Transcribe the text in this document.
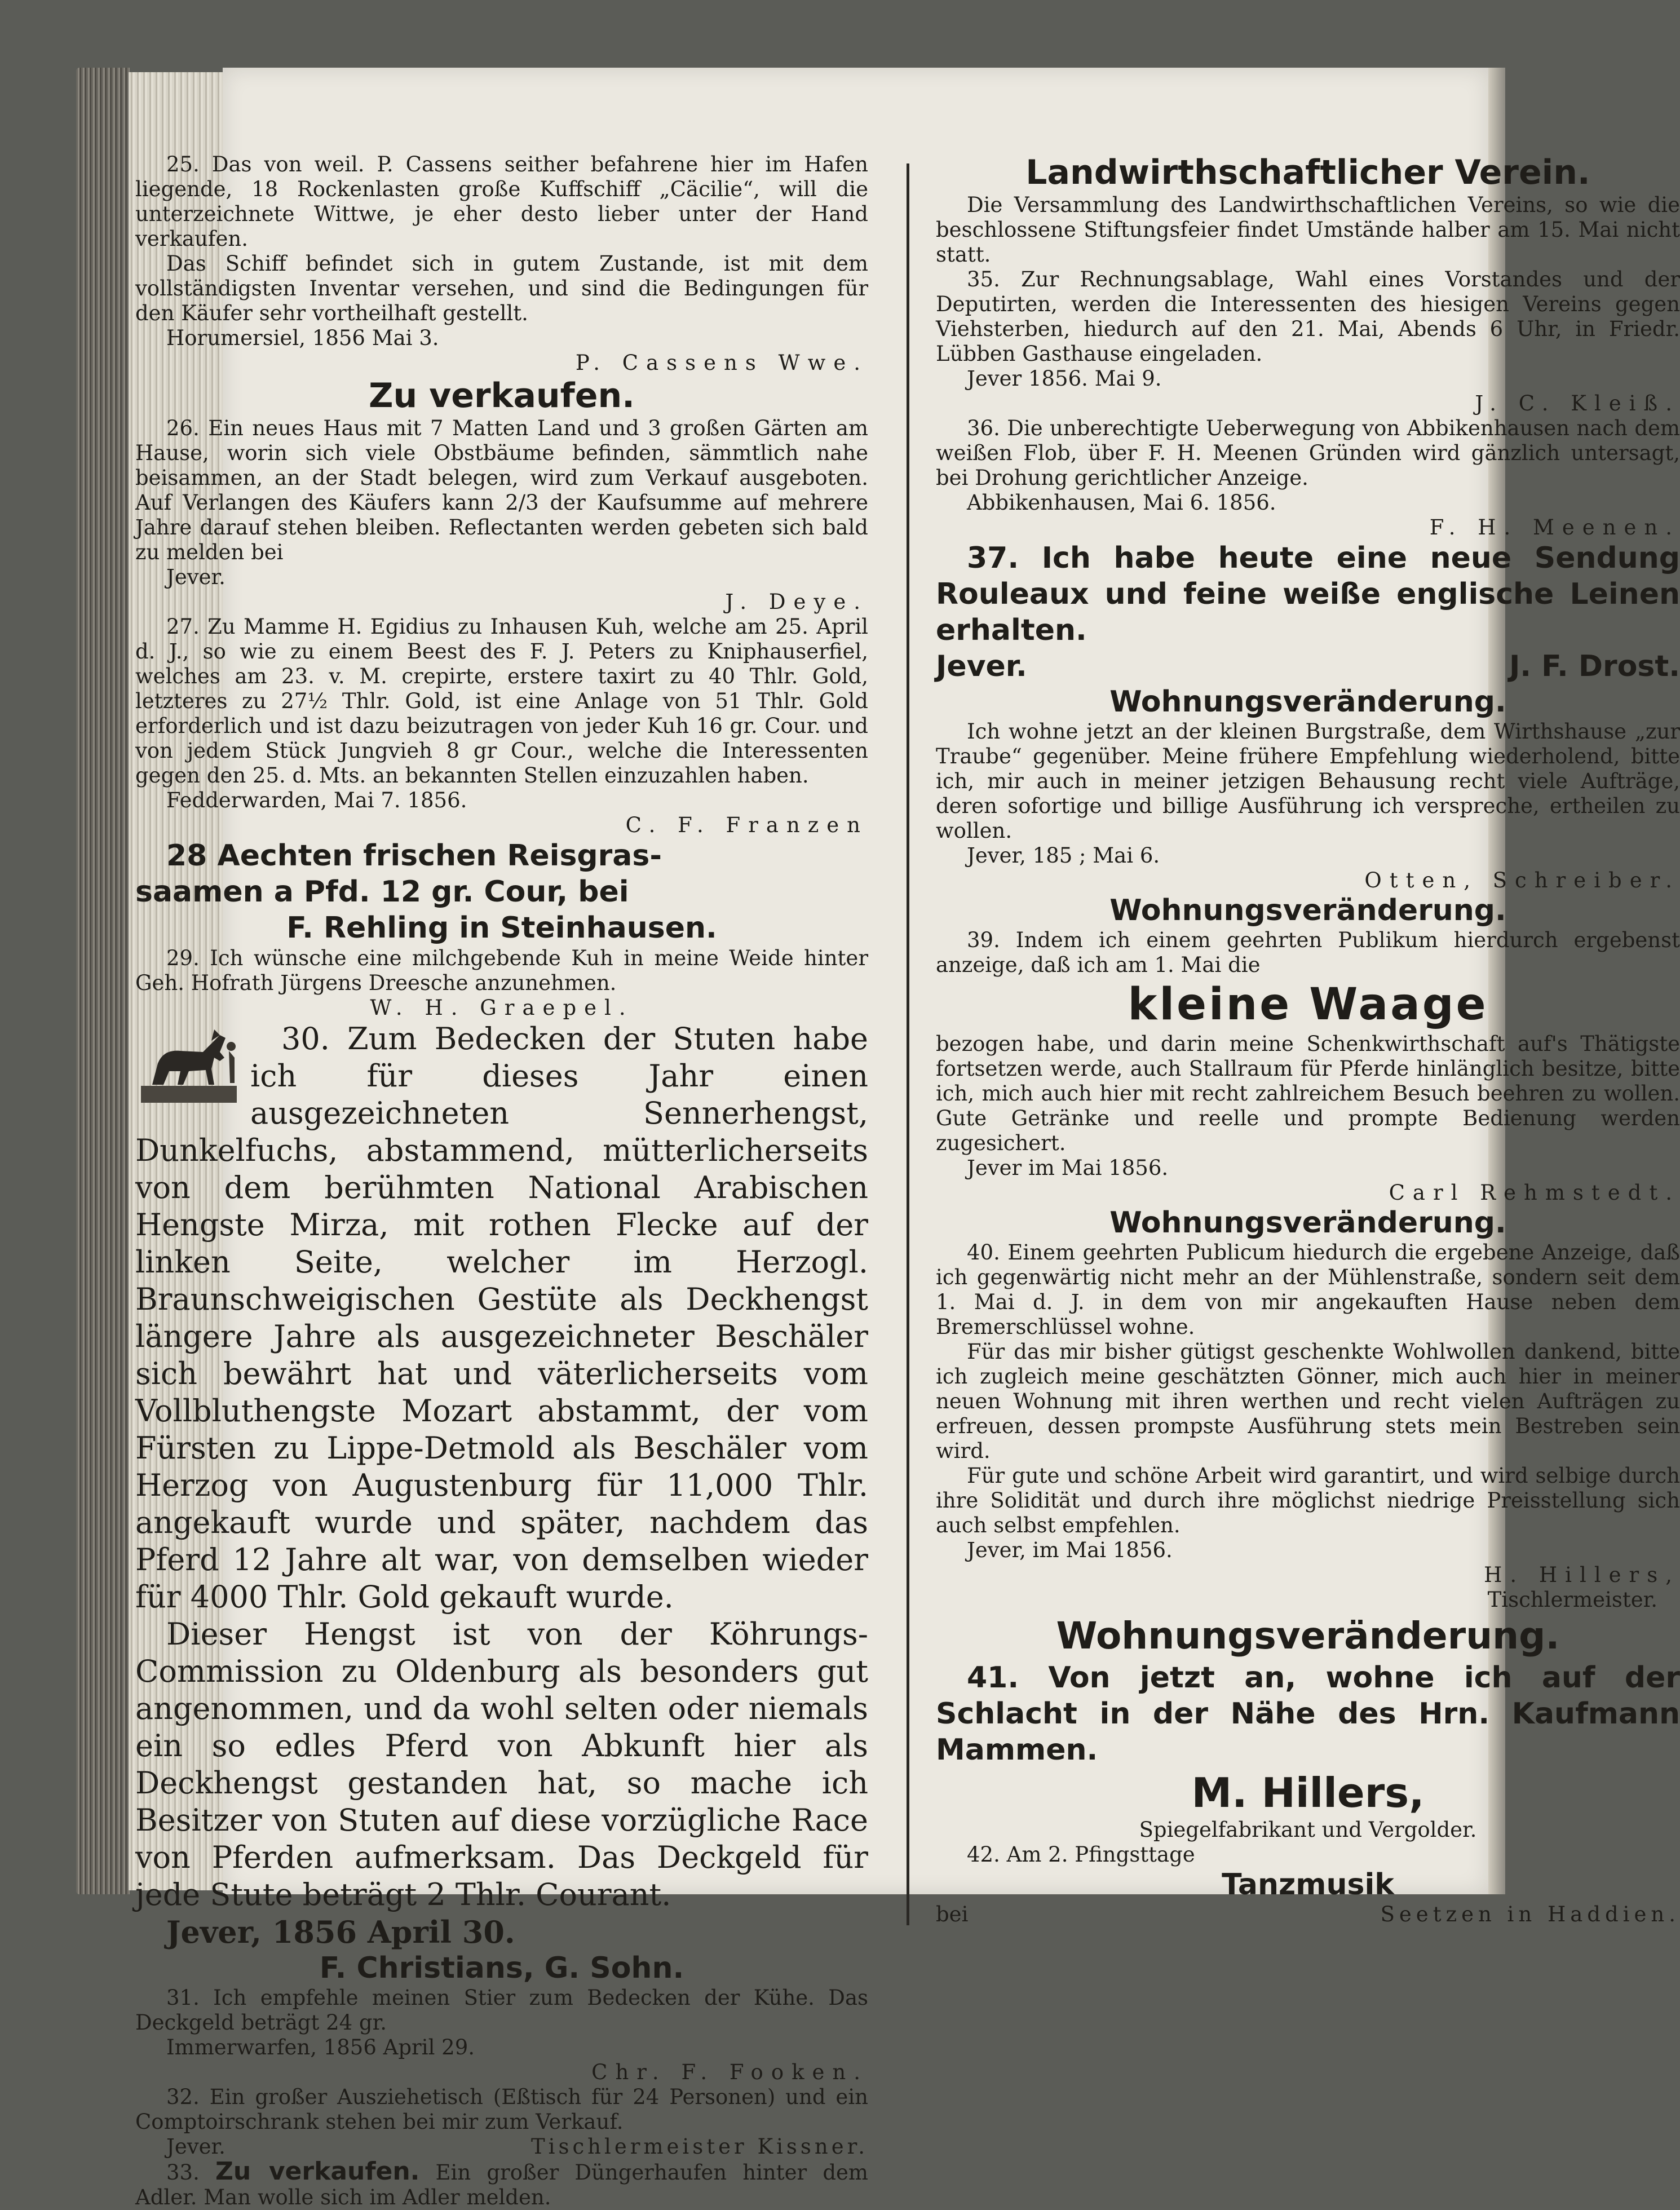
25. Das von weil. P. Cassens seither befahrene hier im Hafen liegende, 18 Rockenlasten große Kuffschiff „Cäcilie“, will die unterzeichnete Wittwe, je eher desto lieber unter der Hand verkaufen.

Das Schiff befindet sich in gutem Zustande, ist mit dem vollständigsten Inventar versehen, und sind die Bedingungen für den Käufer sehr vortheilhaft gestellt.

Horumersiel, 1856 Mai 3.

P. Cassens Wwe.

Zu verkaufen.

26. Ein neues Haus mit 7 Matten Land und 3 großen Gärten am Hause, worin sich viele Obstbäume befinden, sämmtlich nahe beisammen, an der Stadt belegen, wird zum Verkauf ausgeboten. Auf Verlangen des Käufers kann 2/3 der Kaufsumme auf mehrere Jahre darauf stehen bleiben. Reflectanten werden gebeten sich bald zu melden bei

Jever.

J. Deye.

27. Zu Mamme H. Egidius zu Inhausen Kuh, welche am 25. April d. J., so wie zu einem Beest des F. J. Peters zu Kniphauserfiel, welches am 23. v. M. crepirte, erstere taxirt zu 40 Thlr. Gold, letzteres zu 27½ Thlr. Gold, ist eine Anlage von 51 Thlr. Gold erforderlich und ist dazu beizutragen von jeder Kuh 16 gr. Cour. und von jedem Stück Jungvieh 8 gr Cour., welche die Interessenten gegen den 25. d. Mts. an bekannten Stellen einzuzahlen haben.

Fedderwarden, Mai 7. 1856.

C. F. Franzen

28 Aechten frischen Reisgras-

saamen a Pfd. 12 gr. Cour, bei

F. Rehling in Steinhausen.

29. Ich wünsche eine milchgebende Kuh in meine Weide hinter Geh. Hofrath Jürgens Dreesche anzunehmen.

W. H. Graepel.

30. Zum Bedecken der Stuten habe ich für dieses Jahr einen ausgezeichneten Sennerhengst, Dunkelfuchs, abstammend, mütterlicherseits von dem berühmten National Arabischen Hengste Mirza, mit rothen Flecke auf der linken Seite, welcher im Herzogl. Braunschweigischen Gestüte als Deckhengst längere Jahre als ausgezeichneter Beschäler sich bewährt hat und väterlicherseits vom Vollbluthengste Mozart abstammt, der vom Fürsten zu Lippe-Detmold als Beschäler vom Herzog von Augustenburg für 11,000 Thlr. angekauft wurde und später, nachdem das Pferd 12 Jahre alt war, von demselben wieder für 4000 Thlr. Gold gekauft wurde.

Dieser Hengst ist von der Köhrungs-Commission zu Oldenburg als besonders gut angenommen, und da wohl selten oder niemals ein so edles Pferd von Abkunft hier als Deckhengst gestanden hat, so mache ich Besitzer von Stuten auf diese vorzügliche Race von Pferden aufmerksam. Das Deckgeld für jede Stute beträgt 2 Thlr. Courant.

Jever, 1856 April 30.

F. Christians, G. Sohn.

31. Ich empfehle meinen Stier zum Bedecken der Kühe. Das Deckgeld beträgt 24 gr.

Immerwarfen, 1856 April 29.

Chr. F. Fooken.

32. Ein großer Ausziehetisch (Eßtisch für 24 Personen) und ein Comptoirschrank stehen bei mir zum Verkauf.

Jever.	Tischlermeister Kissner.

33. Zu verkaufen. Ein großer Düngerhaufen hinter dem Adler. Man wolle sich im Adler melden.

Landwirthschaftlicher Verein.

Die Versammlung des Landwirthschaftlichen Vereins, so wie die beschlossene Stiftungsfeier findet Umstände halber am 15. Mai nicht statt.

35. Zur Rechnungsablage, Wahl eines Vorstandes und der Deputirten, werden die Interessenten des hiesigen Vereins gegen Viehsterben, hiedurch auf den 21. Mai, Abends 6 Uhr, in Friedr. Lübben Gasthause eingeladen.

Jever 1856. Mai 9.

J. C. Kleiß.

36. Die unberechtigte Ueberwegung von Abbikenhausen nach dem weißen Flob, über F. H. Meenen Gründen wird gänzlich untersagt, bei Drohung gerichtlicher Anzeige.

Abbikenhausen, Mai 6. 1856.

F. H. Meenen.

37. Ich habe heute eine neue Sendung Rouleaux und feine weiße englische Leinen erhalten.

Jever.	J. F. Drost.

Wohnungsveränderung.

Ich wohne jetzt an der kleinen Burgstraße, dem Wirthshause „zur Traube“ gegenüber. Meine frühere Empfehlung wiederholend, bitte ich, mir auch in meiner jetzigen Behausung recht viele Aufträge, deren sofortige und billige Ausführung ich verspreche, ertheilen zu wollen.

Jever, 185 ; Mai 6.

Otten, Schreiber.

Wohnungsveränderung.

39. Indem ich einem geehrten Publikum hierdurch ergebenst anzeige, daß ich am 1. Mai die

kleine Waage

bezogen habe, und darin meine Schenkwirthschaft auf's Thätigste fortsetzen werde, auch Stallraum für Pferde hinlänglich besitze, bitte ich, mich auch hier mit recht zahlreichem Besuch beehren zu wollen. Gute Getränke und reelle und prompte Bedienung werden zugesichert.

Jever im Mai 1856.

Carl Rehmstedt.

Wohnungsveränderung.

40. Einem geehrten Publicum hiedurch die ergebene Anzeige, daß ich gegenwärtig nicht mehr an der Mühlenstraße, sondern seit dem 1. Mai d. J. in dem von mir angekauften Hause neben dem Bremerschlüssel wohne.

Für das mir bisher gütigst geschenkte Wohlwollen dankend, bitte ich zugleich meine geschätzten Gönner, mich auch hier in meiner neuen Wohnung mit ihren werthen und recht vielen Aufträgen zu erfreuen, dessen prompste Ausführung stets mein Bestreben sein wird.

Für gute und schöne Arbeit wird garantirt, und wird selbige durch ihre Solidität und durch ihre möglichst niedrige Preisstellung sich auch selbst empfehlen.

Jever, im Mai 1856.

H. Hillers,

Tischlermeister.

Wohnungsveränderung.

41. Von jetzt an, wohne ich auf der Schlacht in der Nähe des Hrn. Kaufmann Mammen.

M. Hillers,

Spiegelfabrikant und Vergolder.

42. Am 2. Pfingsttage

Tanzmusik

bei	Seetzen in Haddien.
